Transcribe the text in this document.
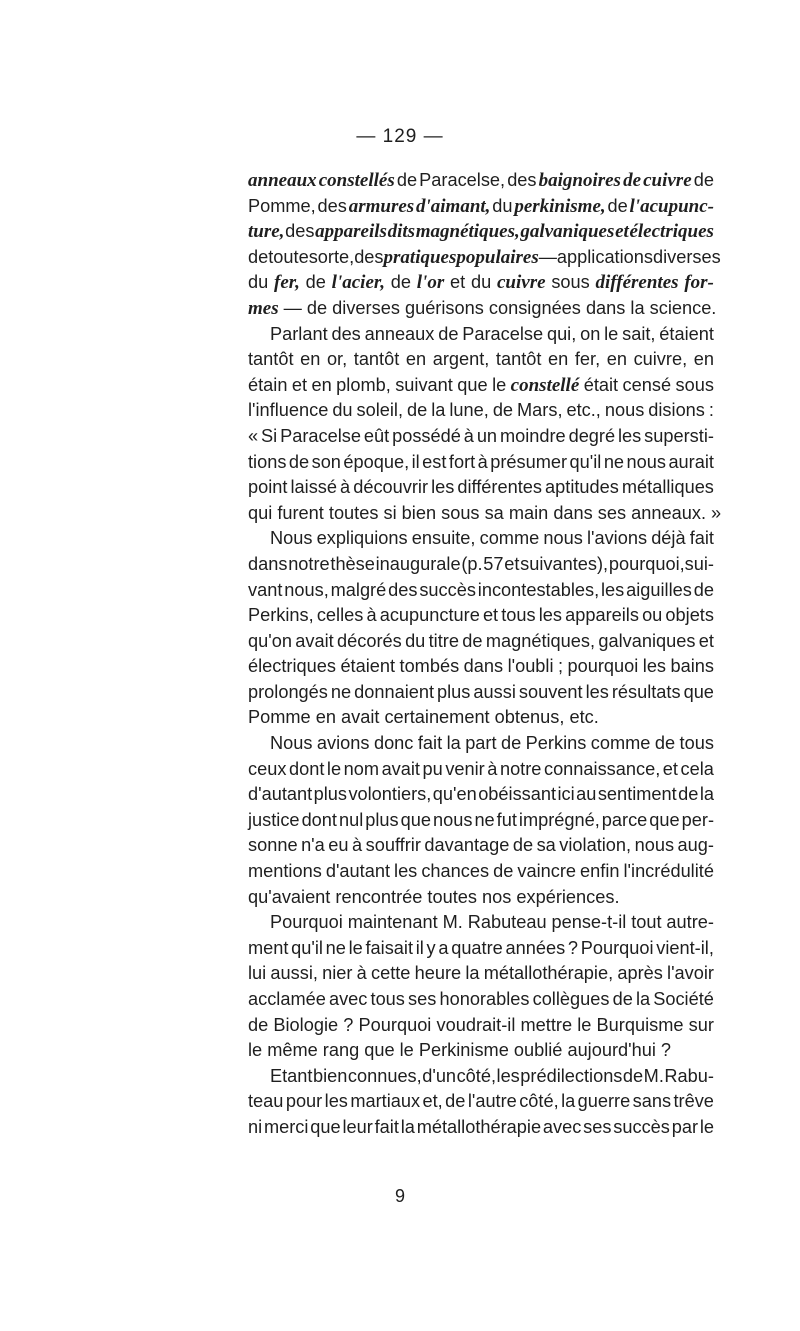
— 129 —

anneaux constellés de Paracelse, des baignoires de cuivre de
Pomme, des armures d'aimant, du perkinisme, de l'acupunc-
ture, des appareils dits magnétiques, galvaniques et électriques
de toute sorte, des pratiques populaires — applications diverses
du fer, de l'acier, de l'or et du cuivre sous différentes for-
mes — de diverses guérisons consignées dans la science.
Parlant des anneaux de Paracelse qui, on le sait, étaient
tantôt en or, tantôt en argent, tantôt en fer, en cuivre, en
étain et en plomb, suivant que le constellé était censé sous
l'influence du soleil, de la lune, de Mars, etc., nous disions :
« Si Paracelse eût possédé à un moindre degré les supersti-
tions de son époque, il est fort à présumer qu'il ne nous aurait
point laissé à découvrir les différentes aptitudes métalliques
qui furent toutes si bien sous sa main dans ses anneaux. »
Nous expliquions ensuite, comme nous l'avions déjà fait
dans notre thèse inaugurale (p. 57 et suivantes), pourquoi,sui-
vant nous, malgré des succès incontestables, les aiguilles de
Perkins, celles à acupuncture et tous les appareils ou objets
qu'on avait décorés du titre de magnétiques, galvaniques et
électriques étaient tombés dans l'oubli ; pourquoi les bains
prolongés ne donnaient plus aussi souvent les résultats que
Pomme en avait certainement obtenus, etc.
Nous avions donc fait la part de Perkins comme de tous
ceux dont le nom avait pu venir à notre connaissance, et cela
d'autant plus volontiers, qu'en obéissant ici au sentiment de la
justice dont nul plus que nous ne fut imprégné, parce que per-
sonne n'a eu à souffrir davantage de sa violation, nous aug-
mentions d'autant les chances de vaincre enfin l'incrédulité
qu'avaient rencontrée toutes nos expériences.
Pourquoi maintenant M. Rabuteau pense-t-il tout autre-
ment qu'il ne le faisait il y a quatre années ? Pourquoi vient-il,
lui aussi, nier à cette heure la métallothérapie, après l'avoir
acclamée avec tous ses honorables collègues de la Société
de Biologie ? Pourquoi voudrait-il mettre le Burquisme sur
le même rang que le Perkinisme oublié aujourd'hui ?
Etant bien connues, d'un côté, les prédilections de M. Rabu-
teau pour les martiaux et, de l'autre côté, la guerre sans trêve
ni merci que leur fait la métallothérapie avec ses succès par le

9
